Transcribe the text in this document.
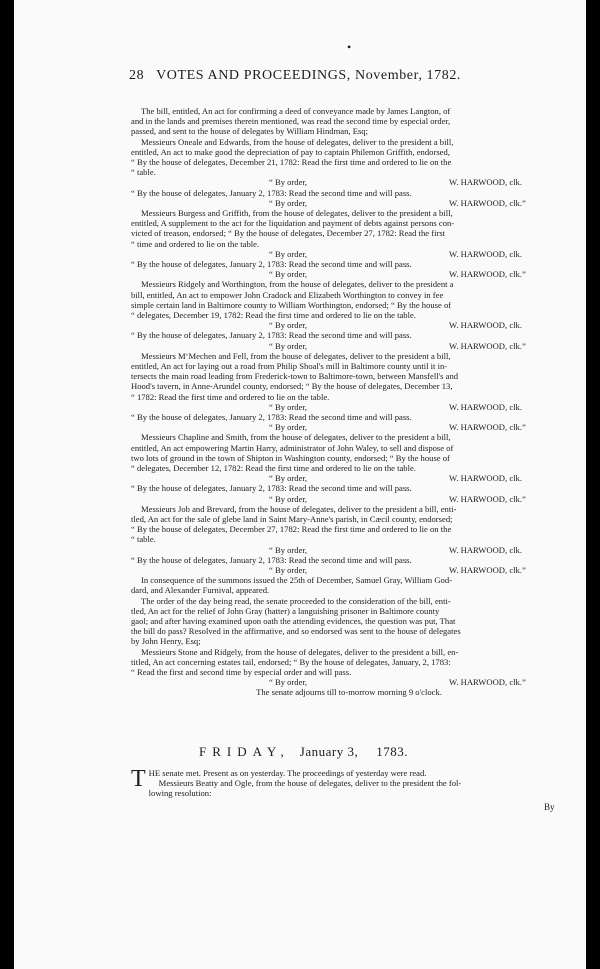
•
28 VOTES AND PROCEEDINGS, November, 1782.
The bill, entitled, An act for confirming a deed of conveyance made by James Langton, of
and in the lands and premises therein mentioned, was read the second time by especial order,
passed, and sent to the house of delegates by William Hindman, Esq;
Messieurs Oneale and Edwards, from the house of delegates, deliver to the president a bill,
entitled, An act to make good the depreciation of pay to captain Philemon Griffith, endorsed,
“ By the house of delegates, December 21, 1782: Read the first time and ordered to lie on the
“ table.
“ By order,	W. HARWOOD, clk.
“ By the house of delegates, January 2, 1783: Read the second time and will pass.
“ By order,	W. HARWOOD, clk.”
Messieurs Burgess and Griffith, from the house of delegates, deliver to the president a bill,
entitled, A supplement to the act for the liquidation and payment of debts against persons con-
victed of treason, endorsed; “ By the house of delegates, December 27, 1782: Read the first
“ time and ordered to lie on the table.
“ By order,	W. HARWOOD, clk.
“ By the house of delegates, January 2, 1783: Read the second time and will pass.
“ By order,	W. HARWOOD, clk.”
Messieurs Ridgely and Worthington, from the house of delegates, deliver to the president a
bill, entitled, An act to empower John Cradock and Elizabeth Worthington to convey in fee
simple certain land in Baltimore county to William Worthington, endorsed; “ By the house of
“ delegates, December 19, 1782: Read the first time and ordered to lie on the table.
“ By order,	W. HARWOOD, clk.
“ By the house of delegates, January 2, 1783: Read the second time and will pass.
“ By order,	W. HARWOOD, clk.”
Messieurs M‘Mechen and Fell, from the house of delegates, deliver to the president a bill,
entitled, An act for laying out a road from Philip Shoal's mill in Baltimore county until it in-
tersects the main road leading from Frederick-town to Baltimore-town, between Mansfell's and
Hood's tavern, in Anne-Arundel county, endorsed; “ By the house of delegates, December 13,
“ 1782: Read the first time and ordered to lie on the table.
“ By order,	W. HARWOOD, clk.
“ By the house of delegates, January 2, 1783: Read the second time and will pass.
“ By order,	W. HARWOOD, clk.”
Messieurs Chapline and Smith, from the house of delegates, deliver to the president a bill,
entitled, An act empowering Martin Harry, administrator of John Waley, to sell and dispose of
two lots of ground in the town of Shipton in Washington county, endorsed; “ By the house of
“ delegates, December 12, 1782: Read the first time and ordered to lie on the table.
“ By order,	W. HARWOOD, clk.
“ By the house of delegates, January 2, 1783: Read the second time and will pass.
“ By order,	W. HARWOOD, clk.”
Messieurs Job and Brevard, from the house of delegates, deliver to the president a bill, enti-
tled, An act for the sale of glebe land in Saint Mary-Anne's parish, in Cæcil county, endorsed;
“ By the house of delegates, December 27, 1782: Read the first time and ordered to lie on the
“ table.
“ By order,	W. HARWOOD, clk.
“ By the house of delegates, January 2, 1783: Read the second time and will pass.
“ By order,	W. HARWOOD, clk.”
In consequence of the summons issued the 25th of December, Samuel Gray, William God-
dard, and Alexander Furnival, appeared.
The order of the day being read, the senate proceeded to the consideration of the bill, enti-
tled, An act for the relief of John Gray (hatter) a languishing prisoner in Baltimore county
gaol; and after having examined upon oath the attending evidences, the question was put, That
the bill do pass? Resolved in the affirmative, and so endorsed was sent to the house of delegates
by John Henry, Esq;
Messieurs Stone and Ridgely, from the house of delegates, deliver to the president a bill, en-
titled, An act concerning estates tail, endorsed; “ By the house of delegates, January, 2, 1783:
“ Read the first and second time by especial order and will pass.
“ By order,	W. HARWOOD, clk.”
The senate adjourns till to-morrow morning 9 o'clock.
FRIDAY, January 3, 1783.
T HE senate met. Present as on yesterday. The proceedings of yesterday were read.
Messieurs Beatty and Ogle, from the house of delegates, deliver to the president the fol-
lowing resolution:
By
